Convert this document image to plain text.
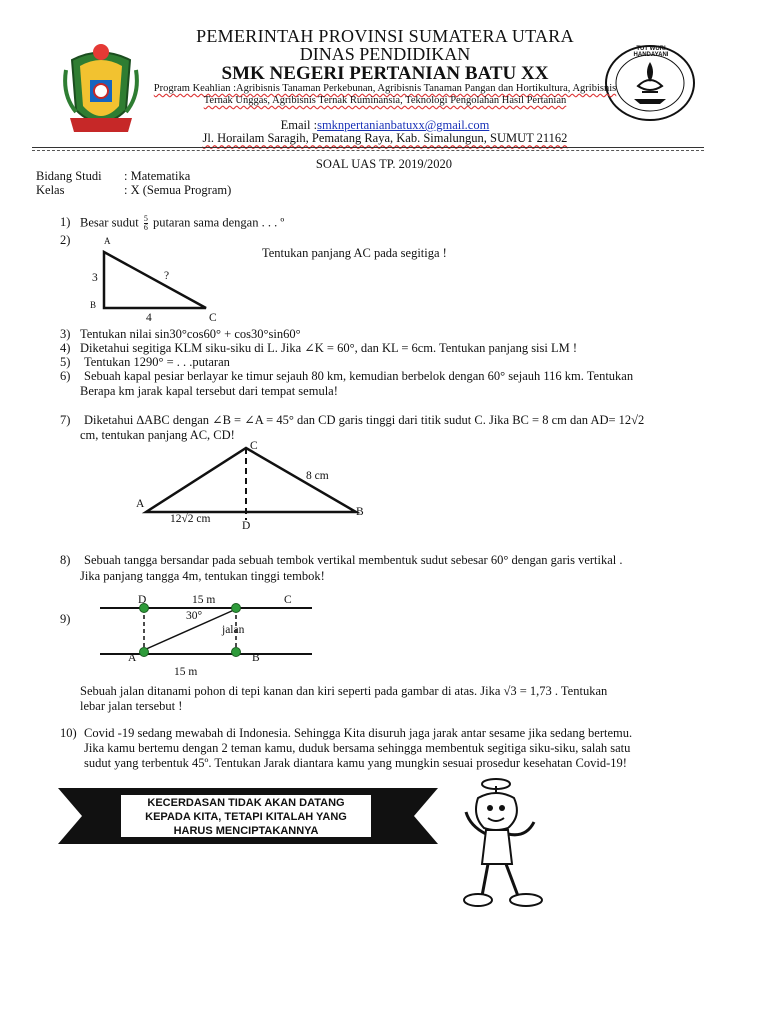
TUT WURI HANDAYANI
PEMERINTAH PROVINSI SUMATERA UTARA
DINAS PENDIDIKAN
SMK NEGERI PERTANIAN BATU XX
Program Keahlian :Agribisnis Tanaman Perkebunan, Agribisnis Tanaman Pangan dan Hortikultura, Agribisnis Ternak Unggas, Agribisnis Ternak Ruminansia, Teknologi Pengolahan Hasil Pertanian
Email :smknpertanianbatuxx@gmail.com
Jl. Horailam Saragih, Pematang Raya, Kab. Simalungun, SUMUT 21162
SOAL UAS TP. 2019/2020
Bidang Studi : Matematika
Kelas	: X (Semua Program)
1) Besar sudut $\frac{5}{6}$ putaran sama dengan . . . º
2)	A
B
C
3
4
?
Tentukan panjang AC pada segitiga !
3) Tentukan nilai sin30°cos60° + cos30°sin60°
4) Diketahui segitiga KLM siku-siku di L. Jika ∠K = 60°, dan KL = 6cm. Tentukan panjang sisi LM !
5) Tentukan 1290° = . . .putaran
6) Sebuah kapal pesiar berlayar ke timur sejauh 80 km, kemudian berbelok dengan 60° sejauh 116 km. Tentukan
Berapa km jarak kapal tersebut dari tempat semula!
7) Diketahui ∆ABC dengan ∠B = ∠A = 45° dan CD garis tinggi dari titik sudut C. Jika BC = 8 cm dan AD= 12√2
cm, tentukan panjang AC, CD!
A
B
C
D
8 cm
12√2 cm
8) Sebuah tangga bersandar pada sebuah tembok vertikal membentuk sudut sebesar 60° dengan garis vertikal .
Jika panjang tangga 4m, tentukan tinggi tembok!
9)
D	C
A	B
15 m
30°
jalan
15 m
Sebuah jalan ditanami pohon di tepi kanan dan kiri seperti pada gambar di atas. Jika √3 = 1,73 . Tentukan
lebar jalan tersebut !
10) Covid -19 sedang mewabah di Indonesia. Sehingga Kita disuruh jaga jarak antar sesame jika sedang bertemu.
Jika kamu bertemu dengan 2 teman kamu, duduk bersama sehingga membentuk segitiga siku-siku, salah satu
sudut yang terbentuk 45º. Tentukan Jarak diantara kamu yang mungkin sesuai prosedur kesehatan Covid-19!
KECERDASAN TIDAK AKAN DATANG
KEPADA KITA, TETAPI KITALAH YANG
HARUS MENCIPTAKANNYA
